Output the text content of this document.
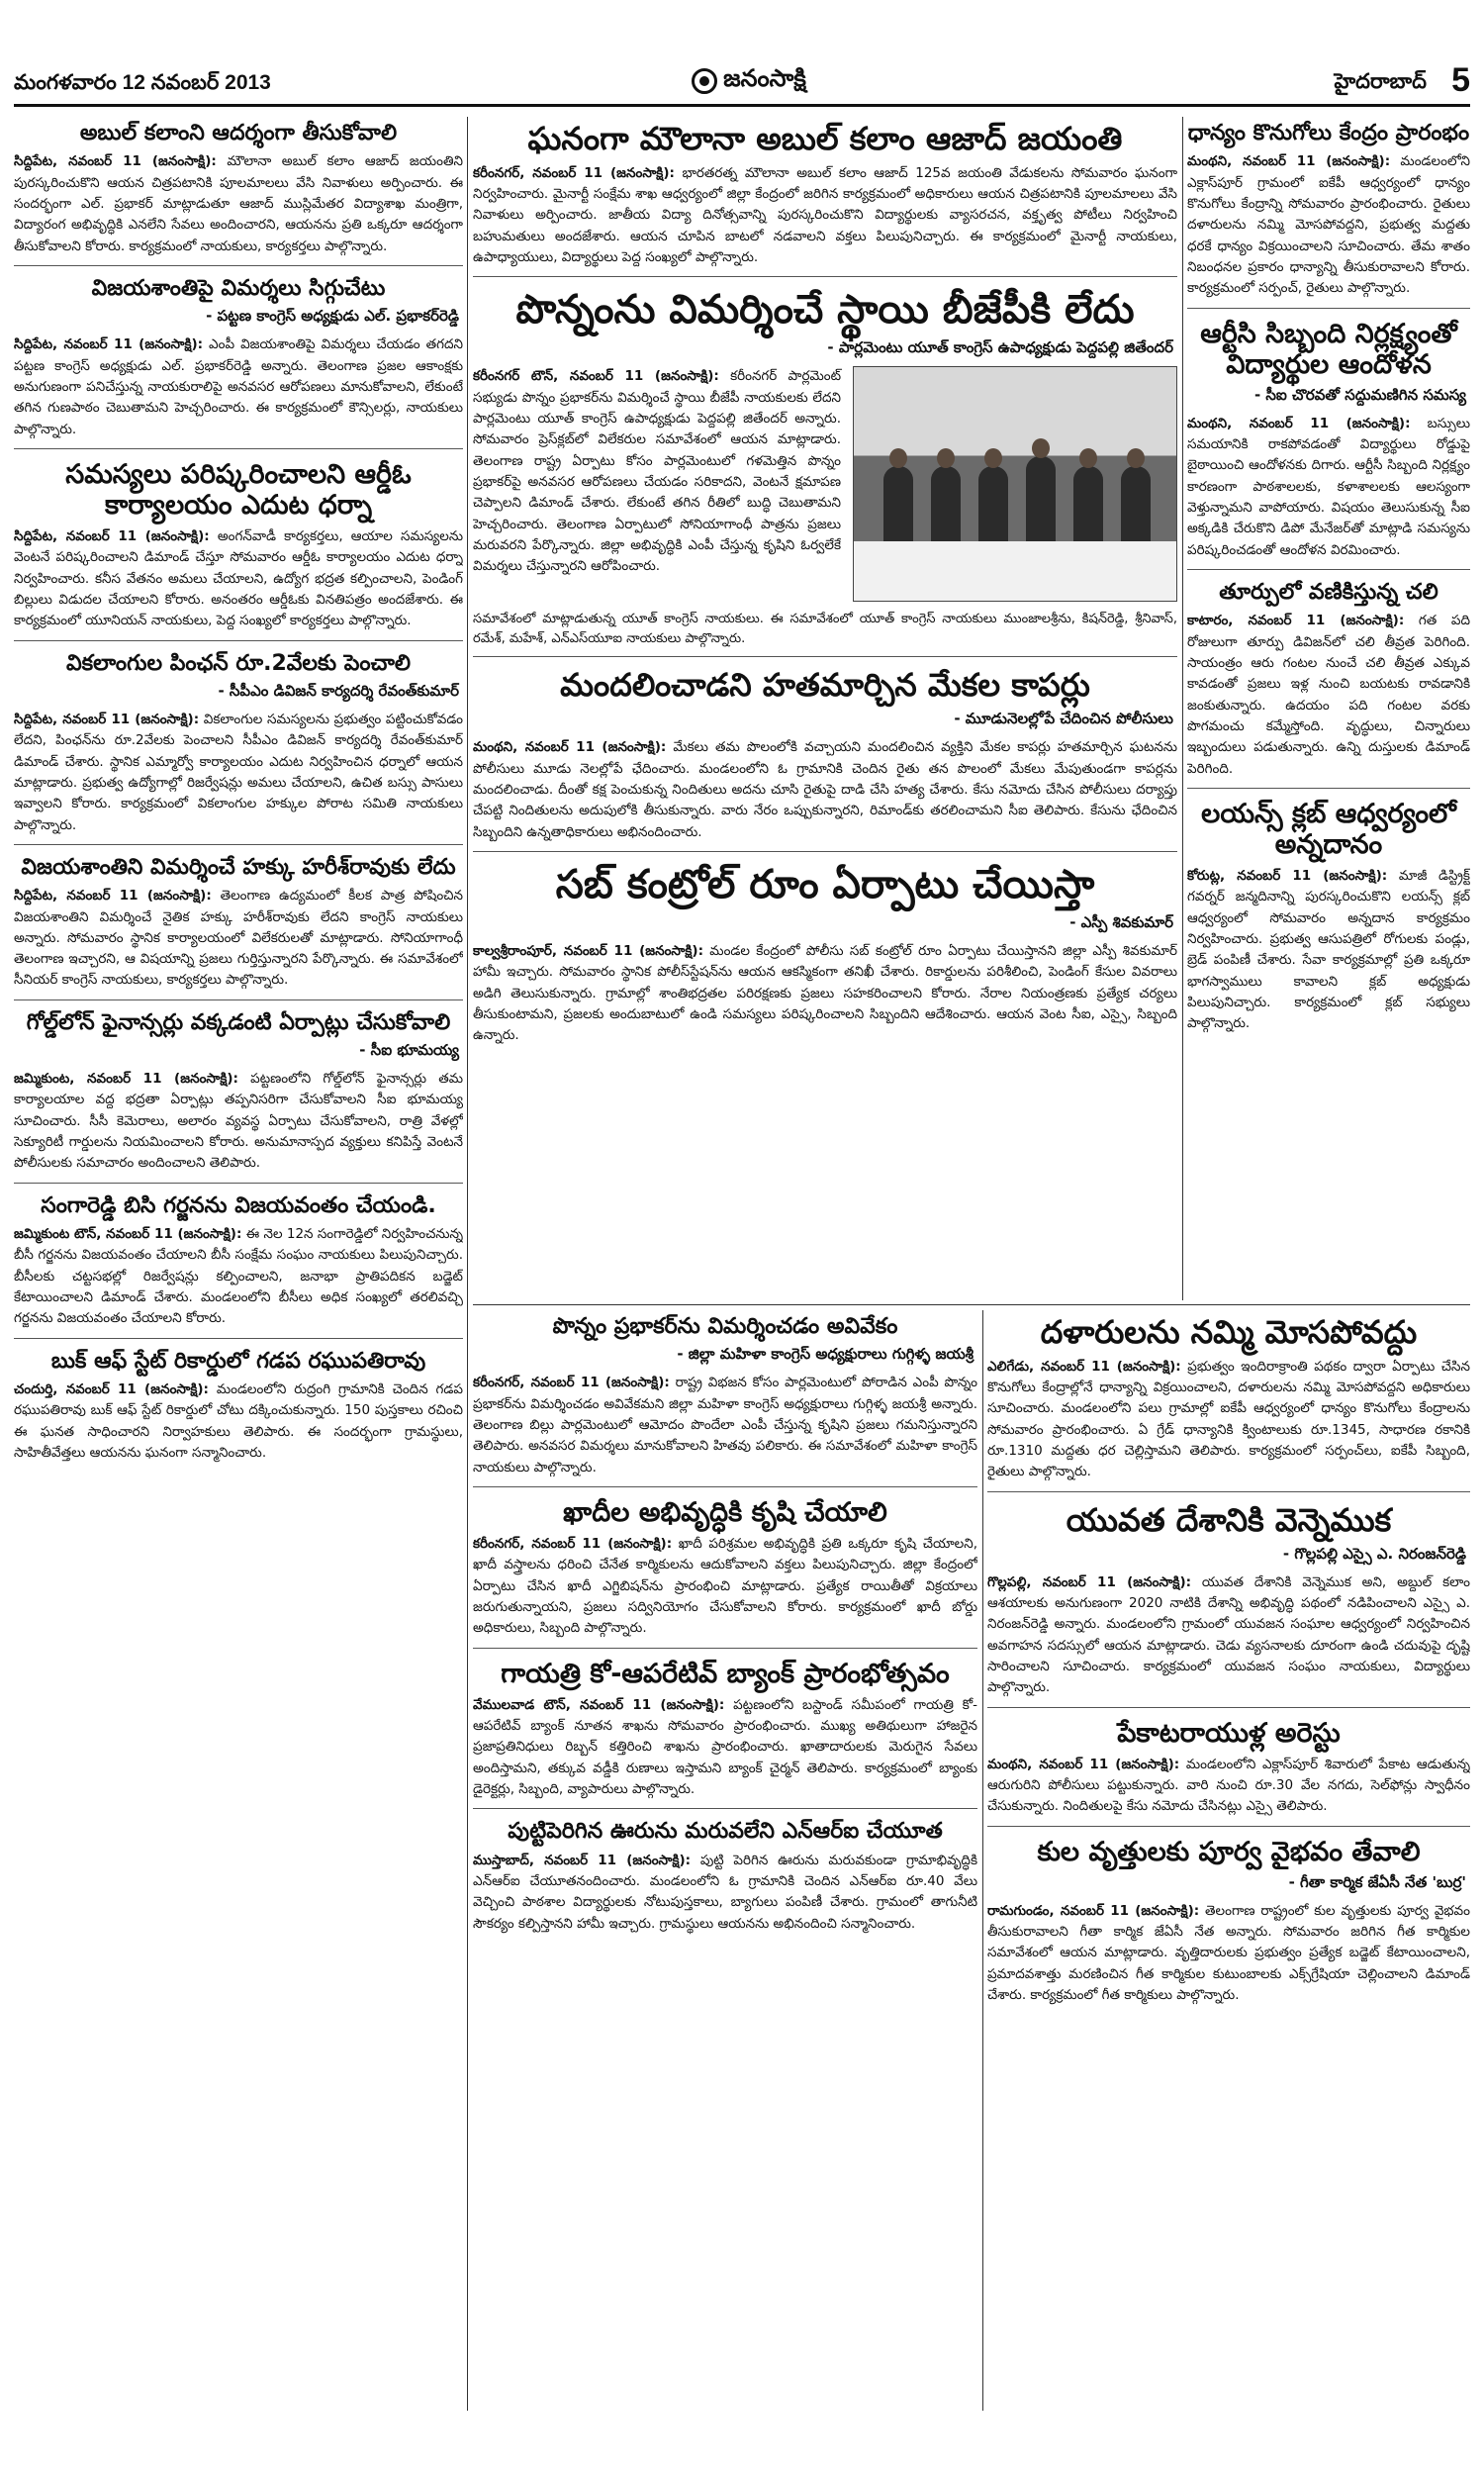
మంగళవారం 12 నవంబర్ 2013	జనంసాక్షి	హైదరాబాద్ 5
అబుల్ కలాంని ఆదర్శంగా తీసుకోవాలి
సిద్దిపేట, నవంబర్ 11 (జనంసాక్షి): మౌలానా అబుల్ కలాం ఆజాద్ జయంతిని పురస్కరించుకొని ఆయన చిత్రపటానికి పూలమాలలు వేసి నివాళులు అర్పించారు. ఈ సందర్భంగా ఎల్. ప్రభాకర్ మాట్లాడుతూ ఆజాద్ ముస్లిమేతర విద్యాశాఖ మంత్రిగా, విద్యారంగ అభివృద్ధికి ఎనలేని సేవలు అందించారని, ఆయనను ప్రతి ఒక్కరూ ఆదర్శంగా తీసుకోవాలని కోరారు. కార్యక్రమంలో నాయకులు, కార్యకర్తలు పాల్గొన్నారు.
విజయశాంతిపై విమర్శలు సిగ్గుచేటు
- పట్టణ కాంగ్రెస్ అధ్యక్షుడు ఎల్. ప్రభాకర్‌రెడ్డి
సిద్దిపేట, నవంబర్ 11 (జనంసాక్షి): ఎంపీ విజయశాంతిపై విమర్శలు చేయడం తగదని పట్టణ కాంగ్రెస్ అధ్యక్షుడు ఎల్. ప్రభాకర్‌రెడ్డి అన్నారు. తెలంగాణ ప్రజల ఆకాంక్షకు అనుగుణంగా పనిచేస్తున్న నాయకురాలిపై అనవసర ఆరోపణలు మానుకోవాలని, లేకుంటే తగిన గుణపాఠం చెబుతామని హెచ్చరించారు. ఈ కార్యక్రమంలో కౌన్సిలర్లు, నాయకులు పాల్గొన్నారు.
సమస్యలు పరిష్కరించాలని ఆర్డీఓ కార్యాలయం ఎదుట ధర్నా
సిద్దిపేట, నవంబర్ 11 (జనంసాక్షి): అంగన్‌వాడీ కార్యకర్తలు, ఆయాల సమస్యలను వెంటనే పరిష్కరించాలని డిమాండ్ చేస్తూ సోమవారం ఆర్డీఓ కార్యాలయం ఎదుట ధర్నా నిర్వహించారు. కనీస వేతనం అమలు చేయాలని, ఉద్యోగ భద్రత కల్పించాలని, పెండింగ్ బిల్లులు విడుదల చేయాలని కోరారు. అనంతరం ఆర్డీఓకు వినతిపత్రం అందజేశారు. ఈ కార్యక్రమంలో యూనియన్ నాయకులు, పెద్ద సంఖ్యలో కార్యకర్తలు పాల్గొన్నారు.
వికలాంగుల పింఛన్ రూ.2వేలకు పెంచాలి
- సీపీఎం డివిజన్ కార్యదర్శి రేవంత్‌కుమార్
సిద్దిపేట, నవంబర్ 11 (జనంసాక్షి): వికలాంగుల సమస్యలను ప్రభుత్వం పట్టించుకోవడం లేదని, పింఛన్‌ను రూ.2వేలకు పెంచాలని సీపీఎం డివిజన్ కార్యదర్శి రేవంత్‌కుమార్ డిమాండ్ చేశారు. స్థానిక ఎమ్మార్వో కార్యాలయం ఎదుట నిర్వహించిన ధర్నాలో ఆయన మాట్లాడారు. ప్రభుత్వ ఉద్యోగాల్లో రిజర్వేషన్లు అమలు చేయాలని, ఉచిత బస్సు పాసులు ఇవ్వాలని కోరారు. కార్యక్రమంలో వికలాంగుల హక్కుల పోరాట సమితి నాయకులు పాల్గొన్నారు.
విజయశాంతిని విమర్శించే హక్కు హరీశ్‌రావుకు లేదు
సిద్దిపేట, నవంబర్ 11 (జనంసాక్షి): తెలంగాణ ఉద్యమంలో కీలక పాత్ర పోషించిన విజయశాంతిని విమర్శించే నైతిక హక్కు హరీశ్‌రావుకు లేదని కాంగ్రెస్ నాయకులు అన్నారు. సోమవారం స్థానిక కార్యాలయంలో విలేకరులతో మాట్లాడారు. సోనియాగాంధీ తెలంగాణ ఇచ్చారని, ఆ విషయాన్ని ప్రజలు గుర్తిస్తున్నారని పేర్కొన్నారు. ఈ సమావేశంలో సీనియర్ కాంగ్రెస్ నాయకులు, కార్యకర్తలు పాల్గొన్నారు.
గోల్డ్‌లోన్ ఫైనాన్సర్లు వక్కడంటి ఏర్పాట్లు చేసుకోవాలి
- సీఐ భూమయ్య
జమ్మికుంట, నవంబర్ 11 (జనంసాక్షి): పట్టణంలోని గోల్డ్‌లోన్ ఫైనాన్సర్లు తమ కార్యాలయాల వద్ద భద్రతా ఏర్పాట్లు తప్పనిసరిగా చేసుకోవాలని సీఐ భూమయ్య సూచించారు. సీసీ కెమెరాలు, అలారం వ్యవస్థ ఏర్పాటు చేసుకోవాలని, రాత్రి వేళల్లో సెక్యూరిటీ గార్డులను నియమించాలని కోరారు. అనుమానాస్పద వ్యక్తులు కనిపిస్తే వెంటనే పోలీసులకు సమాచారం అందించాలని తెలిపారు.
సంగారెడ్డి బిసి గర్జనను విజయవంతం చేయండి.
జమ్మికుంట టౌన్, నవంబర్ 11 (జనంసాక్షి): ఈ నెల 12న సంగారెడ్డిలో నిర్వహించనున్న బీసీ గర్జనను విజయవంతం చేయాలని బీసీ సంక్షేమ సంఘం నాయకులు పిలుపునిచ్చారు. బీసీలకు చట్టసభల్లో రిజర్వేషన్లు కల్పించాలని, జనాభా ప్రాతిపదికన బడ్జెట్ కేటాయించాలని డిమాండ్ చేశారు. మండలంలోని బీసీలు అధిక సంఖ్యలో తరలివచ్చి గర్జనను విజయవంతం చేయాలని కోరారు.
బుక్ ఆఫ్ స్టేట్ రికార్డులో గడప రఘుపతిరావు
చందుర్తి, నవంబర్ 11 (జనంసాక్షి): మండలంలోని రుద్రంగి గ్రామానికి చెందిన గడప రఘుపతిరావు బుక్ ఆఫ్ స్టేట్ రికార్డులో చోటు దక్కించుకున్నారు. 150 పుస్తకాలు రచించి ఈ ఘనత సాధించారని నిర్వాహకులు తెలిపారు. ఈ సందర్భంగా గ్రామస్థులు, సాహితీవేత్తలు ఆయనను ఘనంగా సన్మానించారు.
ఘనంగా మౌలానా అబుల్ కలాం ఆజాద్ జయంతి
కరీంనగర్, నవంబర్ 11 (జనంసాక్షి): భారతరత్న మౌలానా అబుల్ కలాం ఆజాద్ 125వ జయంతి వేడుకలను సోమవారం ఘనంగా నిర్వహించారు. మైనార్టీ సంక్షేమ శాఖ ఆధ్వర్యంలో జిల్లా కేంద్రంలో జరిగిన కార్యక్రమంలో అధికారులు ఆయన చిత్రపటానికి పూలమాలలు వేసి నివాళులు అర్పించారు. జాతీయ విద్యా దినోత్సవాన్ని పురస్కరించుకొని విద్యార్థులకు వ్యాసరచన, వక్తృత్వ పోటీలు నిర్వహించి బహుమతులు అందజేశారు. ఆయన చూపిన బాటలో నడవాలని వక్తలు పిలుపునిచ్చారు. ఈ కార్యక్రమంలో మైనార్టీ నాయకులు, ఉపాధ్యాయులు, విద్యార్థులు పెద్ద సంఖ్యలో పాల్గొన్నారు.
పొన్నంను విమర్శించే స్థాయి బీజేపీకి లేదు
- పార్లమెంటు యూత్ కాంగ్రెస్ ఉపాధ్యక్షుడు పెద్దపల్లి జితేందర్
కరీంనగర్ టౌన్, నవంబర్ 11 (జనంసాక్షి): కరీంనగర్ పార్లమెంట్ సభ్యుడు పొన్నం ప్రభాకర్‌ను విమర్శించే స్థాయి బీజేపీ నాయకులకు లేదని పార్లమెంటు యూత్ కాంగ్రెస్ ఉపాధ్యక్షుడు పెద్దపల్లి జితేందర్ అన్నారు. సోమవారం ప్రెస్‌క్లబ్‌లో విలేకరుల సమావేశంలో ఆయన మాట్లాడారు. తెలంగాణ రాష్ట్ర ఏర్పాటు కోసం పార్లమెంటులో గళమెత్తిన పొన్నం ప్రభాకర్‌పై అనవసర ఆరోపణలు చేయడం సరికాదని, వెంటనే క్షమాపణ చెప్పాలని డిమాండ్ చేశారు. లేకుంటే తగిన రీతిలో బుద్ధి చెబుతామని హెచ్చరించారు. తెలంగాణ ఏర్పాటులో సోనియాగాంధీ పాత్రను ప్రజలు మరువరని పేర్కొన్నారు. జిల్లా అభివృద్ధికి ఎంపీ చేస్తున్న కృషిని ఓర్వలేకే విమర్శలు చేస్తున్నారని ఆరోపించారు.
సమావేశంలో మాట్లాడుతున్న యూత్ కాంగ్రెస్ నాయకులు. ఈ సమావేశంలో యూత్ కాంగ్రెస్ నాయకులు ముంజాలశ్రీను, కిషన్‌రెడ్డి, శ్రీనివాస్, రమేశ్, మహేశ్, ఎన్‌ఎస్‌యూఐ నాయకులు పాల్గొన్నారు.
మందలించాడని హతమార్చిన మేకల కాపర్లు
- మూడునెలల్లోపే చేదించిన పోలీసులు
మంథని, నవంబర్ 11 (జనంసాక్షి): మేకలు తమ పొలంలోకి వచ్చాయని మందలించిన వ్యక్తిని మేకల కాపర్లు హతమార్చిన ఘటనను పోలీసులు మూడు నెలల్లోపే ఛేదించారు. మండలంలోని ఓ గ్రామానికి చెందిన రైతు తన పొలంలో మేకలు మేపుతుండగా కాపర్లను మందలించాడు. దీంతో కక్ష పెంచుకున్న నిందితులు అదను చూసి రైతుపై దాడి చేసి హత్య చేశారు. కేసు నమోదు చేసిన పోలీసులు దర్యాప్తు చేపట్టి నిందితులను అదుపులోకి తీసుకున్నారు. వారు నేరం ఒప్పుకున్నారని, రిమాండ్‌కు తరలించామని సీఐ తెలిపారు. కేసును ఛేదించిన సిబ్బందిని ఉన్నతాధికారులు అభినందించారు.
సబ్ కంట్రోల్ రూం ఏర్పాటు చేయిస్తా
- ఎస్పీ శివకుమార్
కాల్వశ్రీరాంపూర్, నవంబర్ 11 (జనంసాక్షి): మండల కేంద్రంలో పోలీసు సబ్ కంట్రోల్ రూం ఏర్పాటు చేయిస్తానని జిల్లా ఎస్పీ శివకుమార్ హామీ ఇచ్చారు. సోమవారం స్థానిక పోలీస్‌స్టేషన్‌ను ఆయన ఆకస్మికంగా తనిఖీ చేశారు. రికార్డులను పరిశీలించి, పెండింగ్ కేసుల వివరాలు అడిగి తెలుసుకున్నారు. గ్రామాల్లో శాంతిభద్రతల పరిరక్షణకు ప్రజలు సహకరించాలని కోరారు. నేరాల నియంత్రణకు ప్రత్యేక చర్యలు తీసుకుంటామని, ప్రజలకు అందుబాటులో ఉండి సమస్యలు పరిష్కరించాలని సిబ్బందిని ఆదేశించారు. ఆయన వెంట సీఐ, ఎస్సై, సిబ్బంది ఉన్నారు.
ధాన్యం కొనుగోలు కేంద్రం ప్రారంభం
మంథని, నవంబర్ 11 (జనంసాక్షి): మండలంలోని ఎక్లాస్‌పూర్ గ్రామంలో ఐకేపీ ఆధ్వర్యంలో ధాన్యం కొనుగోలు కేంద్రాన్ని సోమవారం ప్రారంభించారు. రైతులు దళారులను నమ్మి మోసపోవద్దని, ప్రభుత్వ మద్దతు ధరకే ధాన్యం విక్రయించాలని సూచించారు. తేమ శాతం నిబంధనల ప్రకారం ధాన్యాన్ని తీసుకురావాలని కోరారు. కార్యక్రమంలో సర్పంచ్, రైతులు పాల్గొన్నారు.
ఆర్టీసి సిబ్బంది నిర్లక్ష్యంతో విద్యార్థుల ఆందోళన
- సీఐ చొరవతో సద్దుమణిగిన సమస్య
మంథని, నవంబర్ 11 (జనంసాక్షి): బస్సులు సమయానికి రాకపోవడంతో విద్యార్థులు రోడ్డుపై బైఠాయించి ఆందోళనకు దిగారు. ఆర్టీసీ సిబ్బంది నిర్లక్ష్యం కారణంగా పాఠశాలలకు, కళాశాలలకు ఆలస్యంగా వెళ్తున్నామని వాపోయారు. విషయం తెలుసుకున్న సీఐ అక్కడికి చేరుకొని డిపో మేనేజర్‌తో మాట్లాడి సమస్యను పరిష్కరించడంతో ఆందోళన విరమించారు.
తూర్పులో వణికిస్తున్న చలి
కాటారం, నవంబర్ 11 (జనంసాక్షి): గత పది రోజులుగా తూర్పు డివిజన్‌లో చలి తీవ్రత పెరిగింది. సాయంత్రం ఆరు గంటల నుంచే చలి తీవ్రత ఎక్కువ కావడంతో ప్రజలు ఇళ్ల నుంచి బయటకు రావడానికి జంకుతున్నారు. ఉదయం పది గంటల వరకు పొగమంచు కమ్మేస్తోంది. వృద్ధులు, చిన్నారులు ఇబ్బందులు పడుతున్నారు. ఉన్ని దుస్తులకు డిమాండ్ పెరిగింది.
లయన్స్ క్లబ్ ఆధ్వర్యంలో అన్నదానం
కోరుట్ల, నవంబర్ 11 (జనంసాక్షి): మాజీ డిస్ట్రిక్ట్ గవర్నర్ జన్మదినాన్ని పురస్కరించుకొని లయన్స్ క్లబ్ ఆధ్వర్యంలో సోమవారం అన్నదాన కార్యక్రమం నిర్వహించారు. ప్రభుత్వ ఆసుపత్రిలో రోగులకు పండ్లు, బ్రెడ్ పంపిణీ చేశారు. సేవా కార్యక్రమాల్లో ప్రతి ఒక్కరూ భాగస్వాములు కావాలని క్లబ్ అధ్యక్షుడు పిలుపునిచ్చారు. కార్యక్రమంలో క్లబ్ సభ్యులు పాల్గొన్నారు.
పొన్నం ప్రభాకర్‌ను విమర్శించడం అవివేకం
- జిల్లా మహిళా కాంగ్రెస్ అధ్యక్షురాలు గుగ్గిళ్ళ జయశ్రీ
కరీంనగర్, నవంబర్ 11 (జనంసాక్షి): రాష్ట్ర విభజన కోసం పార్లమెంటులో పోరాడిన ఎంపీ పొన్నం ప్రభాకర్‌ను విమర్శించడం అవివేకమని జిల్లా మహిళా కాంగ్రెస్ అధ్యక్షురాలు గుగ్గిళ్ళ జయశ్రీ అన్నారు. తెలంగాణ బిల్లు పార్లమెంటులో ఆమోదం పొందేలా ఎంపీ చేస్తున్న కృషిని ప్రజలు గమనిస్తున్నారని తెలిపారు. అనవసర విమర్శలు మానుకోవాలని హితవు పలికారు. ఈ సమావేశంలో మహిళా కాంగ్రెస్ నాయకులు పాల్గొన్నారు.
ఖాదీల అభివృద్ధికి కృషి చేయాలి
కరీంనగర్, నవంబర్ 11 (జనంసాక్షి): ఖాదీ పరిశ్రమల అభివృద్ధికి ప్రతి ఒక్కరూ కృషి చేయాలని, ఖాదీ వస్త్రాలను ధరించి చేనేత కార్మికులను ఆదుకోవాలని వక్తలు పిలుపునిచ్చారు. జిల్లా కేంద్రంలో ఏర్పాటు చేసిన ఖాదీ ఎగ్జిబిషన్‌ను ప్రారంభించి మాట్లాడారు. ప్రత్యేక రాయితీతో విక్రయాలు జరుగుతున్నాయని, ప్రజలు సద్వినియోగం చేసుకోవాలని కోరారు. కార్యక్రమంలో ఖాదీ బోర్డు అధికారులు, సిబ్బంది పాల్గొన్నారు.
గాయత్రి కో-ఆపరేటివ్ బ్యాంక్ ప్రారంభోత్సవం
వేములవాడ టౌన్, నవంబర్ 11 (జనంసాక్షి): పట్టణంలోని బస్టాండ్ సమీపంలో గాయత్రి కో-ఆపరేటివ్ బ్యాంక్ నూతన శాఖను సోమవారం ప్రారంభించారు. ముఖ్య అతిథులుగా హాజరైన ప్రజాప్రతినిధులు రిబ్బన్ కత్తిరించి శాఖను ప్రారంభించారు. ఖాతాదారులకు మెరుగైన సేవలు అందిస్తామని, తక్కువ వడ్డీకి రుణాలు ఇస్తామని బ్యాంక్ చైర్మన్ తెలిపారు. కార్యక్రమంలో బ్యాంకు డైరెక్టర్లు, సిబ్బంది, వ్యాపారులు పాల్గొన్నారు.
పుట్టిపెరిగిన ఊరును మరువలేని ఎన్‌ఆర్‌ఐ చేయూత
ముస్తాబాద్, నవంబర్ 11 (జనంసాక్షి): పుట్టి పెరిగిన ఊరును మరువకుండా గ్రామాభివృద్ధికి ఎన్‌ఆర్‌ఐ చేయూతనందించారు. మండలంలోని ఓ గ్రామానికి చెందిన ఎన్‌ఆర్‌ఐ రూ.40 వేలు వెచ్చించి పాఠశాల విద్యార్థులకు నోటుపుస్తకాలు, బ్యాగులు పంపిణీ చేశారు. గ్రామంలో తాగునీటి సౌకర్యం కల్పిస్తానని హామీ ఇచ్చారు. గ్రామస్థులు ఆయనను అభినందించి సన్మానించారు.
దళారులను నమ్మి మోసపోవద్దు
ఎలిగేడు, నవంబర్ 11 (జనంసాక్షి): ప్రభుత్వం ఇందిరాక్రాంతి పథకం ద్వారా ఏర్పాటు చేసిన కొనుగోలు కేంద్రాల్లోనే ధాన్యాన్ని విక్రయించాలని, దళారులను నమ్మి మోసపోవద్దని అధికారులు సూచించారు. మండలంలోని పలు గ్రామాల్లో ఐకేపీ ఆధ్వర్యంలో ధాన్యం కొనుగోలు కేంద్రాలను సోమవారం ప్రారంభించారు. ఏ గ్రేడ్ ధాన్యానికి క్వింటాలుకు రూ.1345, సాధారణ రకానికి రూ.1310 మద్దతు ధర చెల్లిస్తామని తెలిపారు. కార్యక్రమంలో సర్పంచ్‌లు, ఐకేపీ సిబ్బంది, రైతులు పాల్గొన్నారు.
యువత దేశానికి వెన్నెముక
- గొల్లపల్లి ఎస్సై ఎ. నిరంజన్‌రెడ్డి
గొల్లపల్లి, నవంబర్ 11 (జనంసాక్షి): యువత దేశానికి వెన్నెముక అని, అబ్దుల్ కలాం ఆశయాలకు అనుగుణంగా 2020 నాటికి దేశాన్ని అభివృద్ధి పథంలో నడిపించాలని ఎస్సై ఎ. నిరంజన్‌రెడ్డి అన్నారు. మండలంలోని గ్రామంలో యువజన సంఘాల ఆధ్వర్యంలో నిర్వహించిన అవగాహన సదస్సులో ఆయన మాట్లాడారు. చెడు వ్యసనాలకు దూరంగా ఉండి చదువుపై దృష్టి సారించాలని సూచించారు. కార్యక్రమంలో యువజన సంఘం నాయకులు, విద్యార్థులు పాల్గొన్నారు.
పేకాటరాయుళ్ల అరెస్టు
మంథని, నవంబర్ 11 (జనంసాక్షి): మండలంలోని ఎక్లాస్‌పూర్ శివారులో పేకాట ఆడుతున్న ఆరుగురిని పోలీసులు పట్టుకున్నారు. వారి నుంచి రూ.30 వేల నగదు, సెల్‌ఫోన్లు స్వాధీనం చేసుకున్నారు. నిందితులపై కేసు నమోదు చేసినట్లు ఎస్సై తెలిపారు.
కుల వృత్తులకు పూర్వ వైభవం తేవాలి
- గీతా కార్మిక జేఏసీ నేత 'బుర్ర'
రామగుండం, నవంబర్ 11 (జనంసాక్షి): తెలంగాణ రాష్ట్రంలో కుల వృత్తులకు పూర్వ వైభవం తీసుకురావాలని గీతా కార్మిక జేఏసీ నేత అన్నారు. సోమవారం జరిగిన గీత కార్మికుల సమావేశంలో ఆయన మాట్లాడారు. వృత్తిదారులకు ప్రభుత్వం ప్రత్యేక బడ్జెట్ కేటాయించాలని, ప్రమాదవశాత్తు మరణించిన గీత కార్మికుల కుటుంబాలకు ఎక్స్‌గ్రేషియా చెల్లించాలని డిమాండ్ చేశారు. కార్యక్రమంలో గీత కార్మికులు పాల్గొన్నారు.
